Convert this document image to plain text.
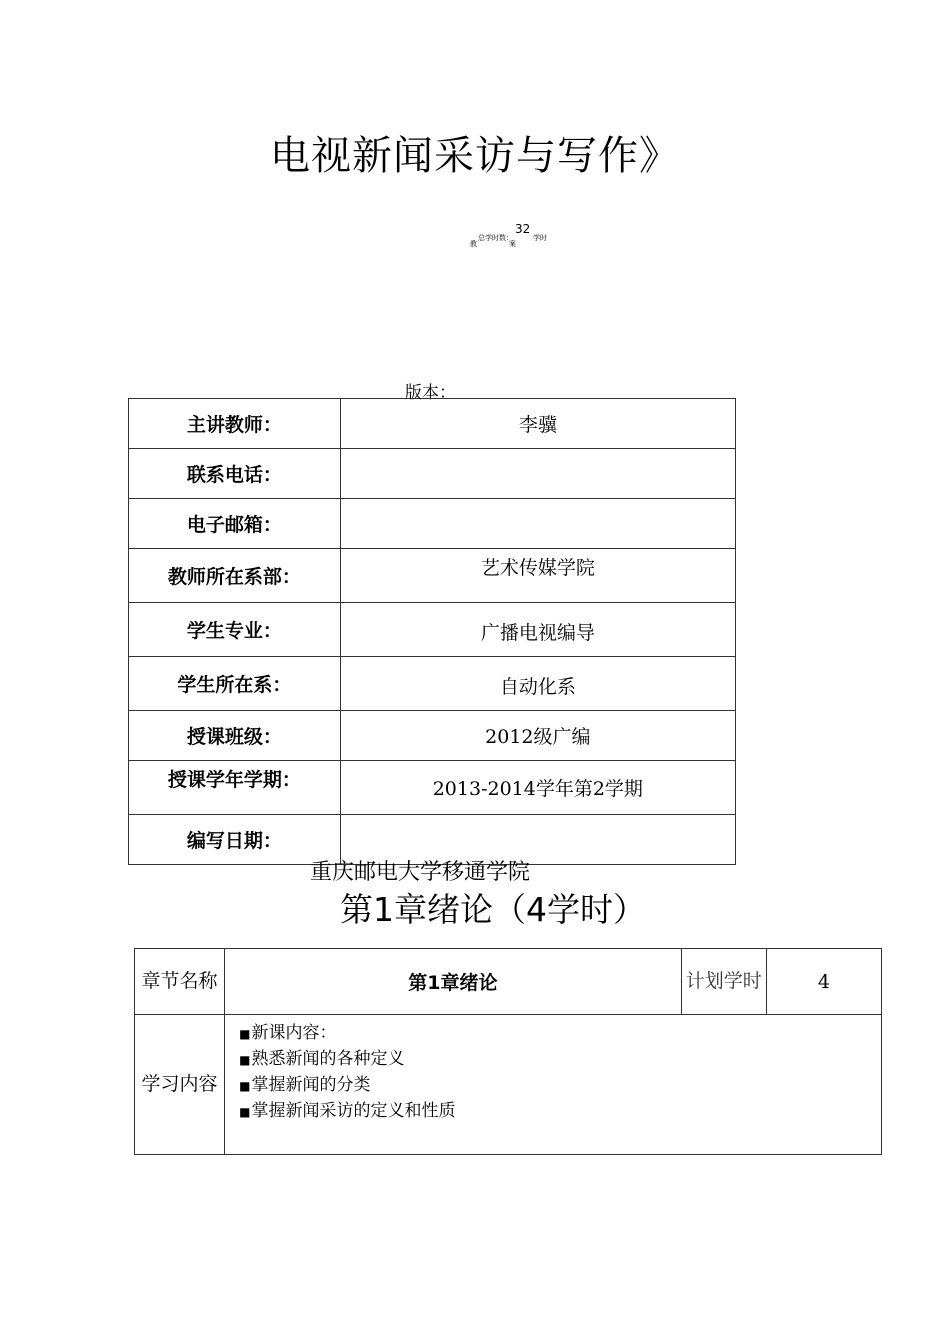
电视新闻采访与写作》
教
总学时数：
32
案
学时
版本：
主讲教师：	李骥
联系电话：	
电子邮箱：	
教师所在系部：	艺术传媒学院
学生专业：	广播电视编导
学生所在系：	自动化系
授课班级：	2012级广编
授课学年学期：	2013-2014学年第2学期
编写日期：	
重庆邮电大学移通学院
第1章绪论（4学时）
章节名称	第1章绪论	计划学时	4
学习内容	■新课内容：
■熟悉新闻的各种定义
■掌握新闻的分类
■掌握新闻采访的定义和性质		
